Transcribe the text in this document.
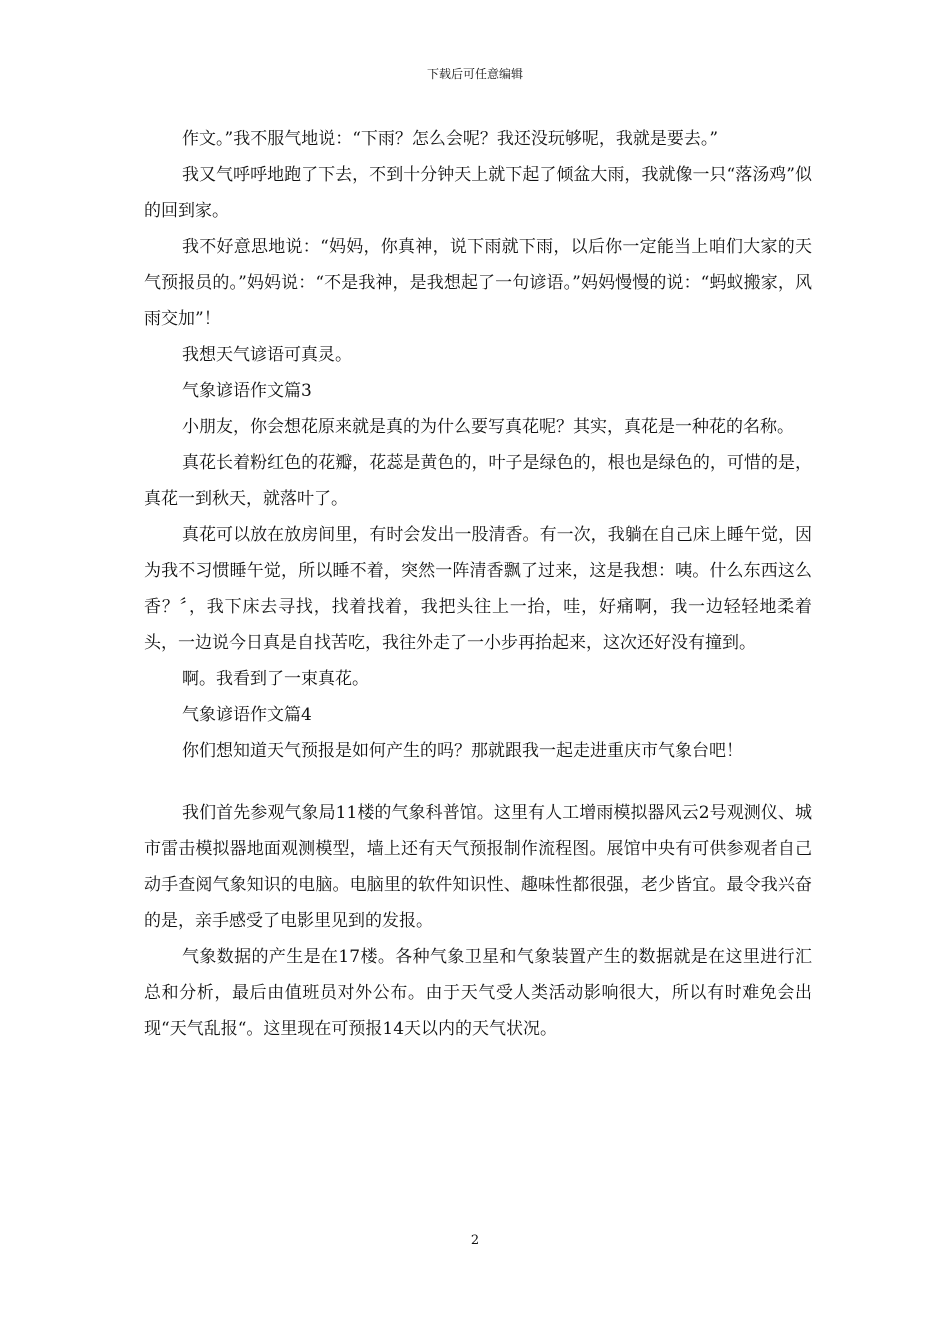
下载后可任意编辑

作文。”我不服气地说：“下雨？怎么会呢？我还没玩够呢，我就是要去。”

我又气呼呼地跑了下去，不到十分钟天上就下起了倾盆大雨，我就像一只“落汤鸡”似的回到家。

我不好意思地说：“妈妈，你真神，说下雨就下雨，以后你一定能当上咱们大家的天气预报员的。”妈妈说：“不是我神，是我想起了一句谚语。”妈妈慢慢的说：“蚂蚁搬家，风雨交加”！

我想天气谚语可真灵。

气象谚语作文篇3

小朋友，你会想花原来就是真的为什么要写真花呢？其实，真花是一种花的名称。

真花长着粉红色的花瓣，花蕊是黄色的，叶子是绿色的，根也是绿色的，可惜的是，真花一到秋天，就落叶了。

真花可以放在放房间里，有时会发出一股清香。有一次，我躺在自己床上睡午觉，因为我不习惯睡午觉，所以睡不着，突然一阵清香飘了过来，这是我想：咦。什么东西这么香？〞，我下床去寻找，找着找着，我把头往上一抬，哇，好痛啊，我一边轻轻地柔着头，一边说今日真是自找苦吃，我往外走了一小步再抬起来，这次还好没有撞到。

啊。我看到了一束真花。

气象谚语作文篇4

你们想知道天气预报是如何产生的吗？那就跟我一起走进重庆市气象台吧！

我们首先参观气象局11楼的气象科普馆。这里有人工增雨模拟器风云2号观测仪、城市雷击模拟器地面观测模型，墙上还有天气预报制作流程图。展馆中央有可供参观者自己动手查阅气象知识的电脑。电脑里的软件知识性、趣味性都很强，老少皆宜。最令我兴奋的是，亲手感受了电影里见到的发报。

气象数据的产生是在17楼。各种气象卫星和气象装置产生的数据就是在这里进行汇总和分析，最后由值班员对外公布。由于天气受人类活动影响很大，所以有时难免会出现“天气乱报“。这里现在可预报14天以内的天气状况。

2
